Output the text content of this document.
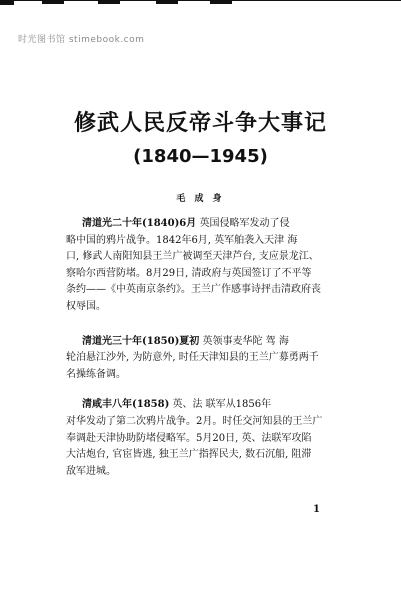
时光图书馆 stimebook.com
修武人民反帝斗争大事记
(1840—1945)
毛 成 身
清道光二十年(1840)6月 英国侵略军发动了侵
略中国的鸦片战争。1842年6月, 英军舶袭入天津 海
口, 修武人南阳知县王兰广被调至天津芦台, 支应景龙江、
察哈尔西营防堵。8月29日, 清政府与英国签订了不平等
条约——《中英南京条约》。王兰广作感事诗抨击清政府丧
权辱国。
清道光三十年(1850)夏初 英领事麦华陀 驾 海
轮泊悬江沙外, 为防意外, 时任天津知县的王兰广募勇两千
名操练备调。
清咸丰八年(1858) 英、法 联军从1856年
对华发动了第二次鸦片战争。2月。时任交河知县的王兰广
奉调赴天津协助防堵侵略军。5月20日, 英、法联军攻陷
大沽炮台, 官宦皆逃, 独王兰广指挥民夫, 数石沉船, 阻滞
敌军进城。
1
